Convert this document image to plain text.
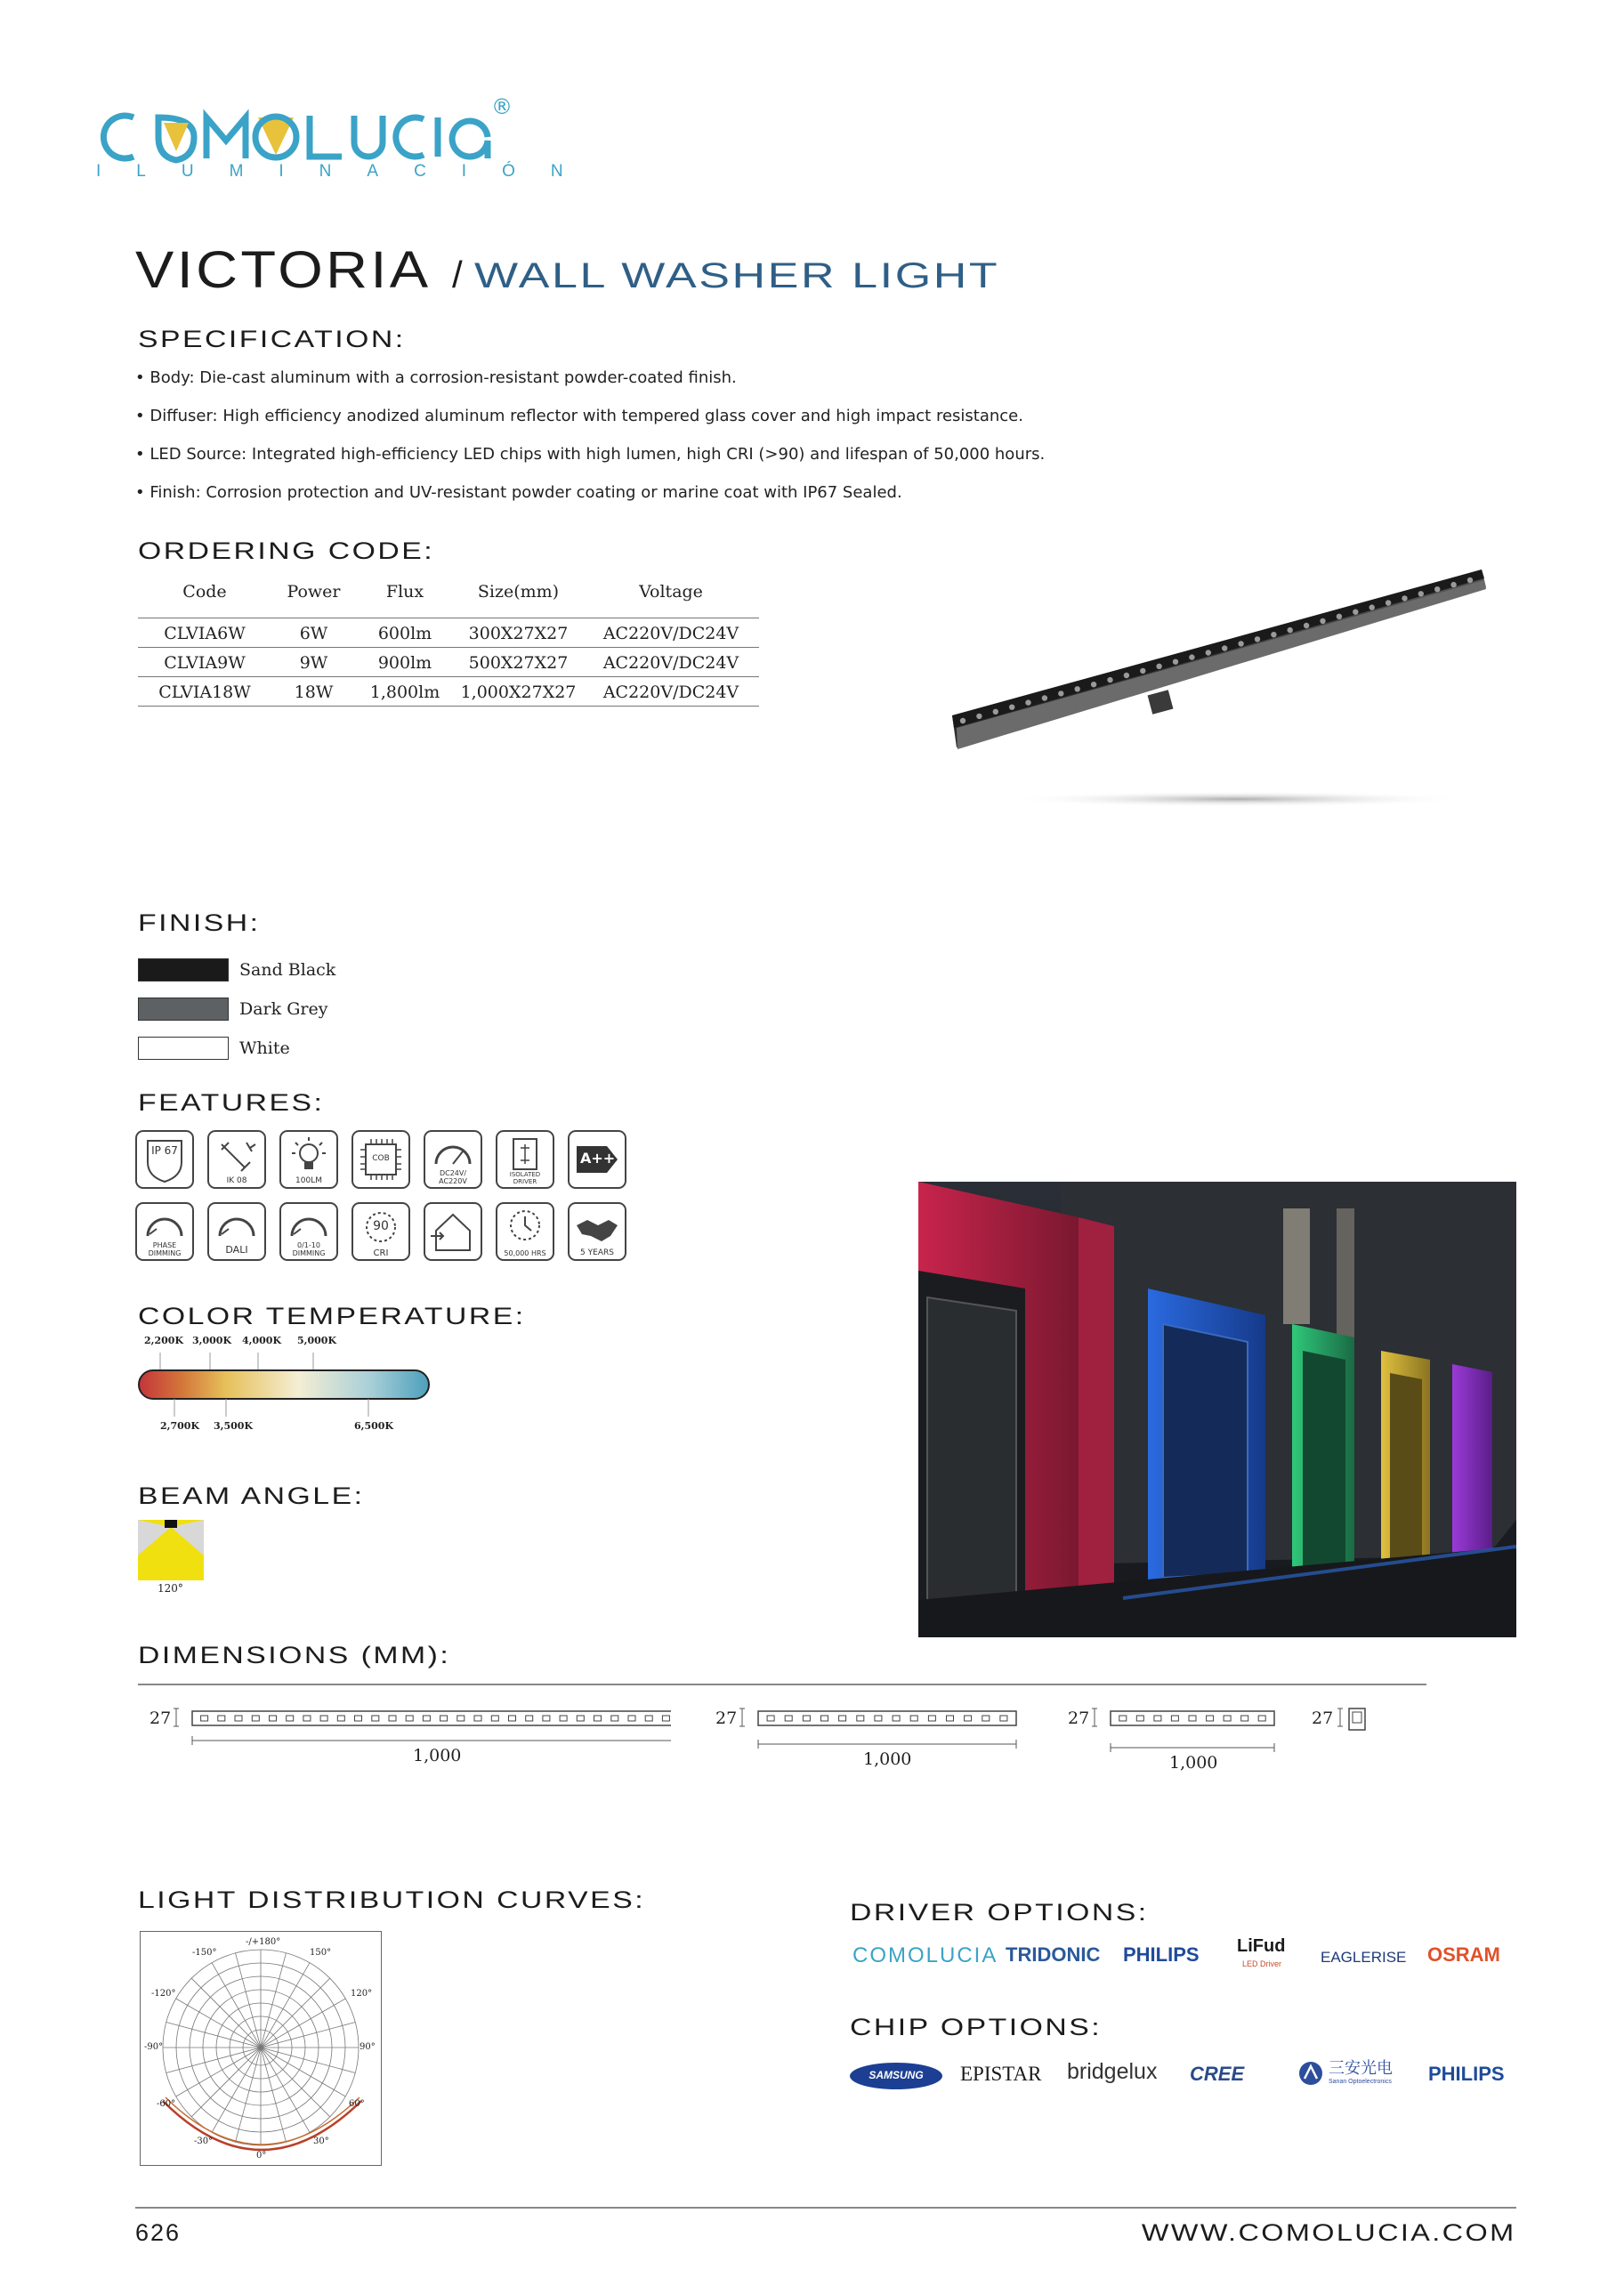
®
ILUMINACIÓN
VICTORIA / WALL WASHER LIGHT
SPECIFICATION:
• Body: Die-cast aluminum with a corrosion-resistant powder-coated finish.
• Diffuser: High efficiency anodized aluminum reflector with tempered glass cover and high impact resistance.
• LED Source: Integrated high-efficiency LED chips with high lumen, high CRI (>90) and lifespan of 50,000 hours.
• Finish: Corrosion protection and UV-resistant powder coating or marine coat with IP67 Sealed.
ORDERING CODE:
Code	Power	Flux	Size(mm)	Voltage
CLVIA6W	6W	600lm	300X27X27	AC220V/DC24V
CLVIA9W	9W	900lm	500X27X27	AC220V/DC24V
CLVIA18W	18W	1,800lm	1,000X27X27	AC220V/DC24V
FINISH:
Sand Black
Dark Grey
White
FEATURES:
IP 67
IK 08	100LM
COB
DC24V/ AC220V
ISOLATED DRIVER
A++
PHASE DIMMING	DALI	0/1-10 DIMMING
90
CRI	50,000 HRS	5 YEARS
COLOR TEMPERATURE:
2,200K 3,000K 4,000K 5,000K
2,700K 3,500K	6,500K
BEAM ANGLE:
120°
DIMENSIONS (MM):
27
1,000
27
1,000
27
1,000
27
LIGHT DISTRIBUTION CURVES:
-/+180°
-150°	150°
-120°	120°
-90°	90°
-60°	60°
-30°	30°
0°
DRIVER OPTIONS:
COMOLUCIA TRIDONIC PHILIPS LiFud
LED Driver	EAGLERISE OSRAM
CHIP OPTIONS:
SAMSUNG	EPISTAR bridgelux CREE	三安光电
Sanan Optoelectronics PHILIPS
626	WWW.COMOLUCIA.COM
